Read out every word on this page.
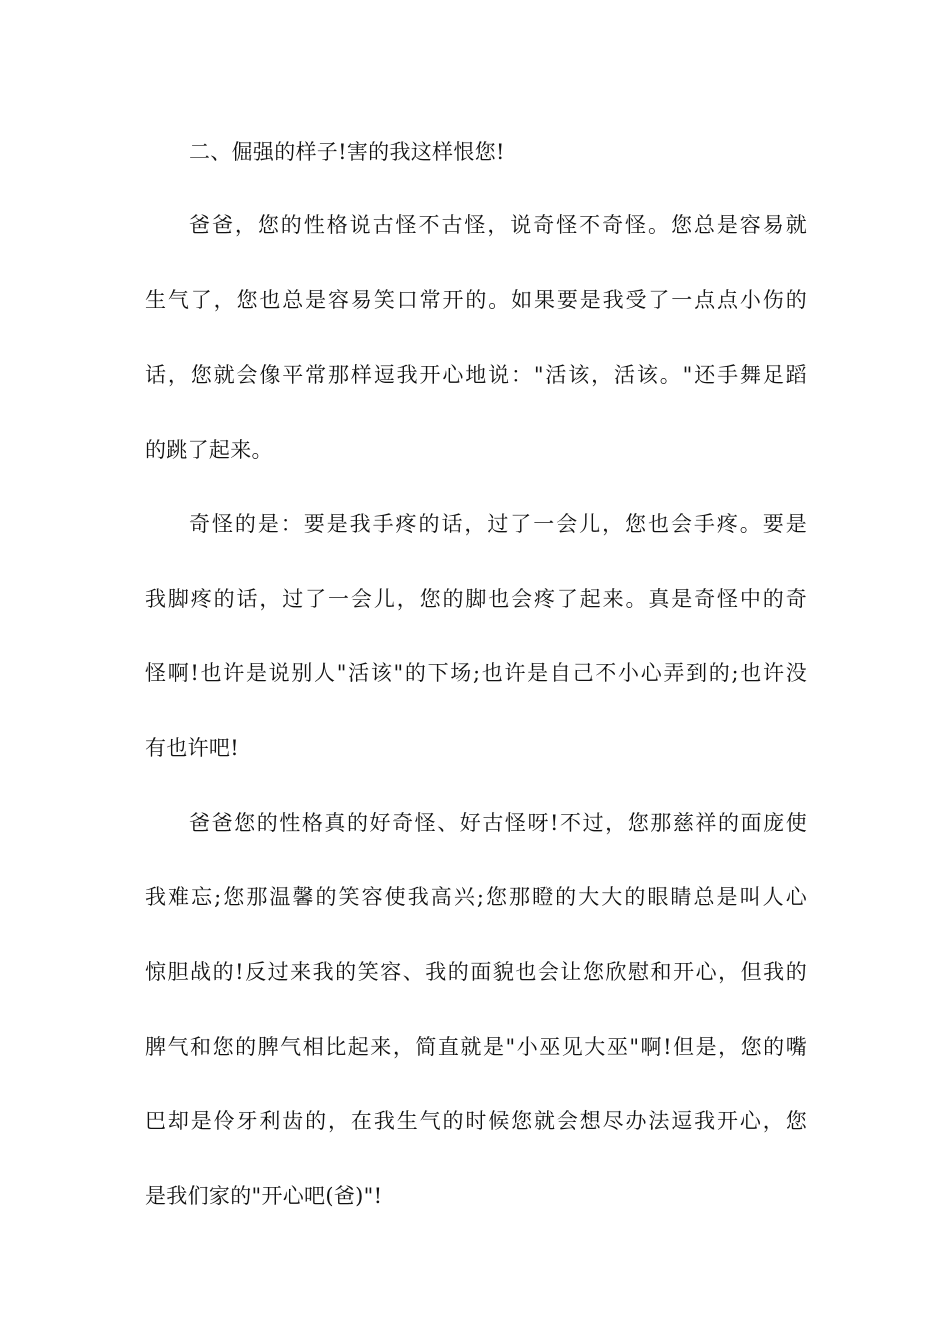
二、倔强的样子!害的我这样恨您!
爸爸，您的性格说古怪不古怪，说奇怪不奇怪。您总是容易就
生气了，您也总是容易笑口常开的。如果要是我受了一点点小伤的
话，您就会像平常那样逗我开心地说："活该，活该。"还手舞足蹈
的跳了起来。
奇怪的是：要是我手疼的话，过了一会儿，您也会手疼。要是
我脚疼的话，过了一会儿，您的脚也会疼了起来。真是奇怪中的奇
怪啊!也许是说别人"活该"的下场;也许是自己不小心弄到的;也许没
有也许吧!
爸爸您的性格真的好奇怪、好古怪呀!不过，您那慈祥的面庞使
我难忘;您那温馨的笑容使我高兴;您那瞪的大大的眼睛总是叫人心
惊胆战的!反过来我的笑容、我的面貌也会让您欣慰和开心，但我的
脾气和您的脾气相比起来，简直就是"小巫见大巫"啊!但是，您的嘴
巴却是伶牙利齿的，在我生气的时候您就会想尽办法逗我开心，您
是我们家的"开心吧(爸)"!
